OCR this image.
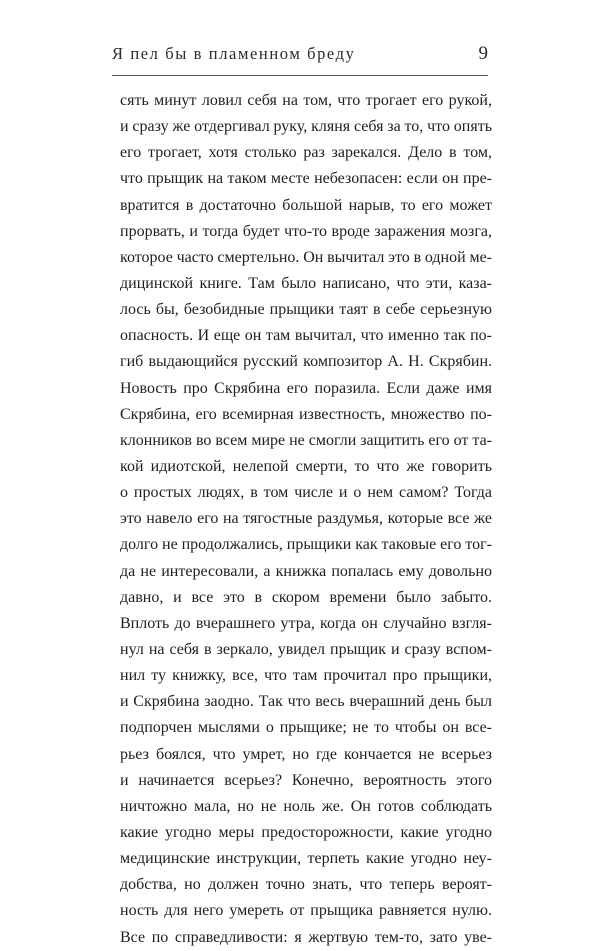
Я пел бы в пламенном бреду	9
сять минут ловил себя на том, что трогает его рукой,
и сразу же отдергивал руку, кляня себя за то, что опять
его трогает, хотя столько раз зарекался. Дело в том,
что прыщик на таком месте небезопасен: если он пре-
вратится в достаточно большой нарыв, то его может
прорвать, и тогда будет что-то вроде заражения мозга,
которое часто смертельно. Он вычитал это в одной ме-
дицинской книге. Там было написано, что эти, каза-
лось бы, безобидные прыщики таят в себе серьезную
опасность. И еще он там вычитал, что именно так по-
гиб выдающийся русский композитор А. Н. Скрябин.
Новость про Скрябина его поразила. Если даже имя
Скрябина, его всемирная известность, множество по-
клонников во всем мире не смогли защитить его от та-
кой идиотской, нелепой смерти, то что же говорить
о простых людях, в том числе и о нем самом? Тогда
это навело его на тягостные раздумья, которые все же
долго не продолжались, прыщики как таковые его тог-
да не интересовали, а книжка попалась ему довольно
давно, и все это в скором времени было забыто.
Вплоть до вчерашнего утра, когда он случайно взгля-
нул на себя в зеркало, увидел прыщик и сразу вспом-
нил ту книжку, все, что там прочитал про прыщики,
и Скрябина заодно. Так что весь вчерашний день был
подпорчен мыслями о прыщике; не то чтобы он все-
рьез боялся, что умрет, но где кончается не всерьез
и начинается всерьез? Конечно, вероятность этого
ничтожно мала, но не ноль же. Он готов соблюдать
какие угодно меры предосторожности, какие угодно
медицинские инструкции, терпеть какие угодно неу-
добства, но должен точно знать, что теперь вероят-
ность для него умереть от прыщика равняется нулю.
Все по справедливости: я жертвую тем-то, зато уве-
